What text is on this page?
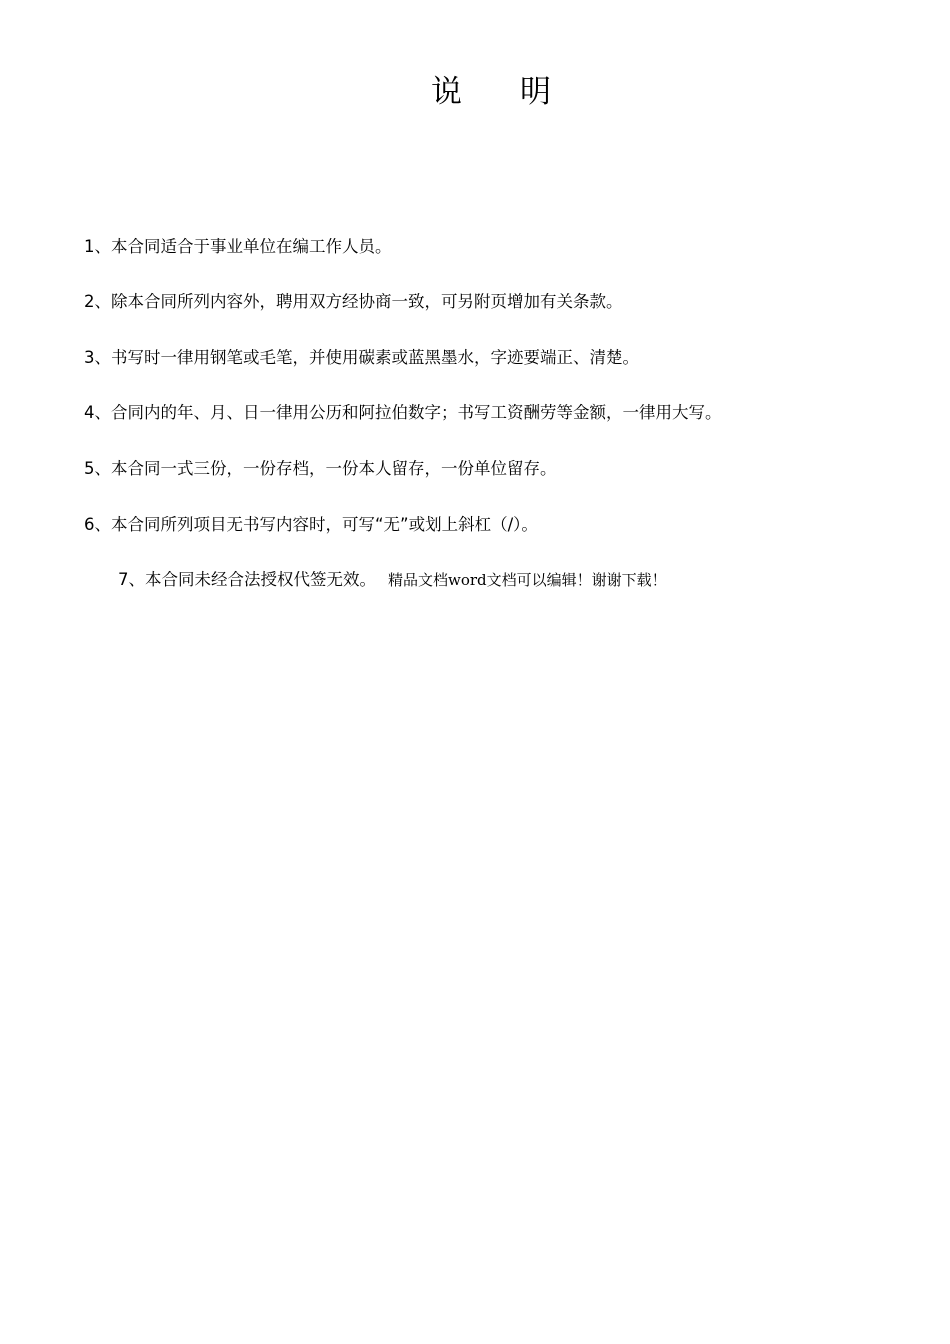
说 明
1、本合同适合于事业单位在编工作人员。
2、除本合同所列内容外，聘用双方经协商一致，可另附页增加有关条款。
3、书写时一律用钢笔或毛笔，并使用碳素或蓝黑墨水，字迹要端正、清楚。
4、合同内的年、月、日一律用公历和阿拉伯数字；书写工资酬劳等金额，一律用大写。
5、本合同一式三份，一份存档，一份本人留存，一份单位留存。
6、本合同所列项目无书写内容时，可写“无”或划上斜杠（/）。
7、本合同未经合法授权代签无效。 精品文档word文档可以编辑！谢谢下载！
